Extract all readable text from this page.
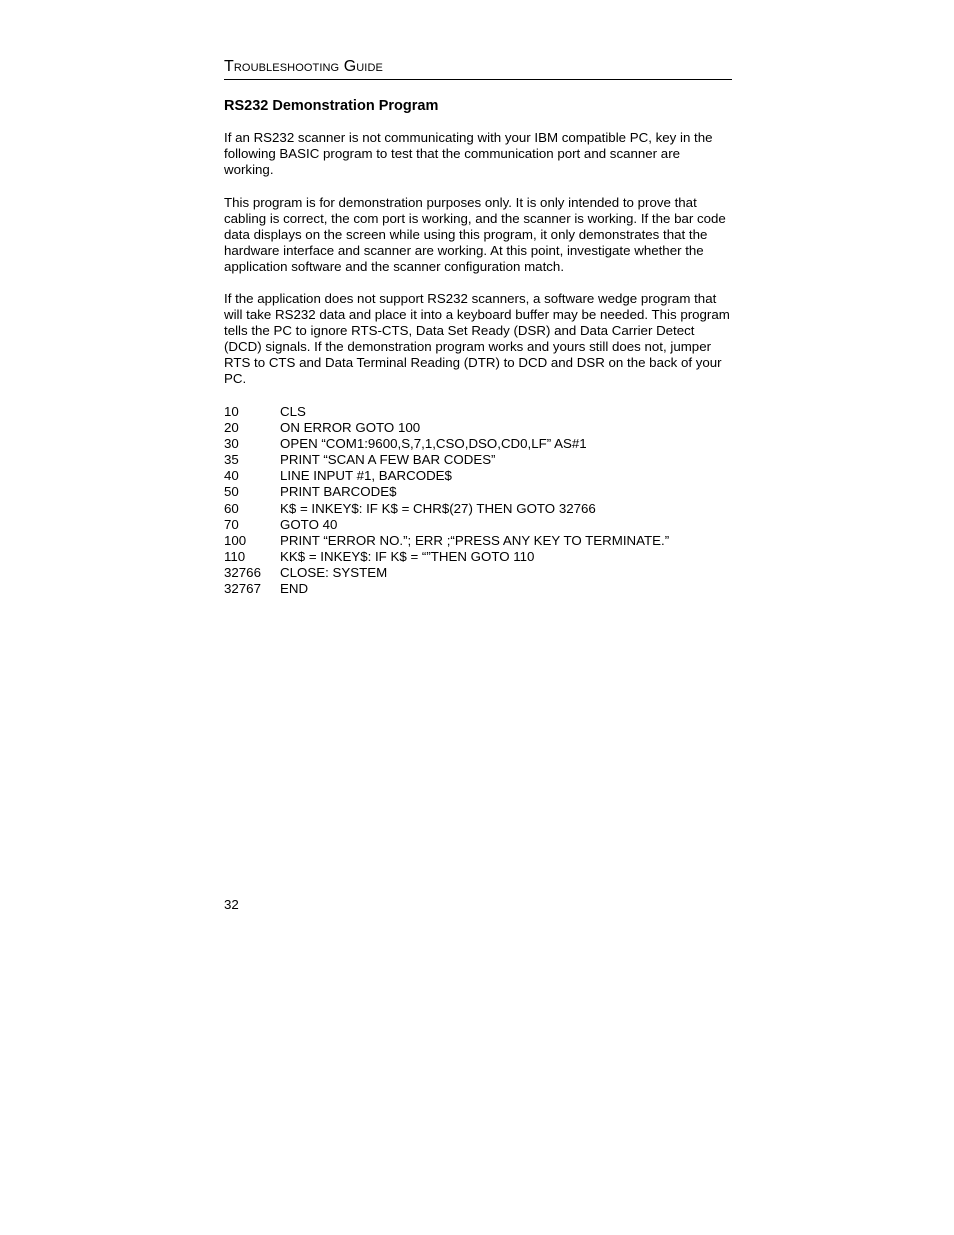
Troubleshooting Guide
RS232 Demonstration Program

If an RS232 scanner is not communicating with your IBM compatible PC, key in the following BASIC program to test that the communication port and scanner are working.

This program is for demonstration purposes only. It is only intended to prove that cabling is correct, the com port is working, and the scanner is working. If the bar code data displays on the screen while using this program, it only demonstrates that the hardware interface and scanner are working. At this point, investigate whether the application software and the scanner configuration match.

If the application does not support RS232 scanners, a software wedge program that will take RS232 data and place it into a keyboard buffer may be needed. This program tells the PC to ignore RTS-CTS, Data Set Ready (DSR) and Data Carrier Detect (DCD) signals. If the demonstration program works and yours still does not, jumper RTS to CTS and Data Terminal Reading (DTR) to DCD and DSR on the back of your PC.

10	CLS
20	ON ERROR GOTO 100
30	OPEN “COM1:9600,S,7,1,CSO,DSO,CD0,LF” AS#1
35	PRINT “SCAN A FEW BAR CODES”
40	LINE INPUT #1, BARCODE$
50	PRINT BARCODE$
60	K$ = INKEY$: IF K$ = CHR$(27) THEN GOTO 32766
70	GOTO 40
100	PRINT “ERROR NO.”; ERR ;“PRESS ANY KEY TO TERMINATE.”
110	KK$ = INKEY$: IF K$ = “”THEN GOTO 110
32766	CLOSE: SYSTEM
32767	END
32
